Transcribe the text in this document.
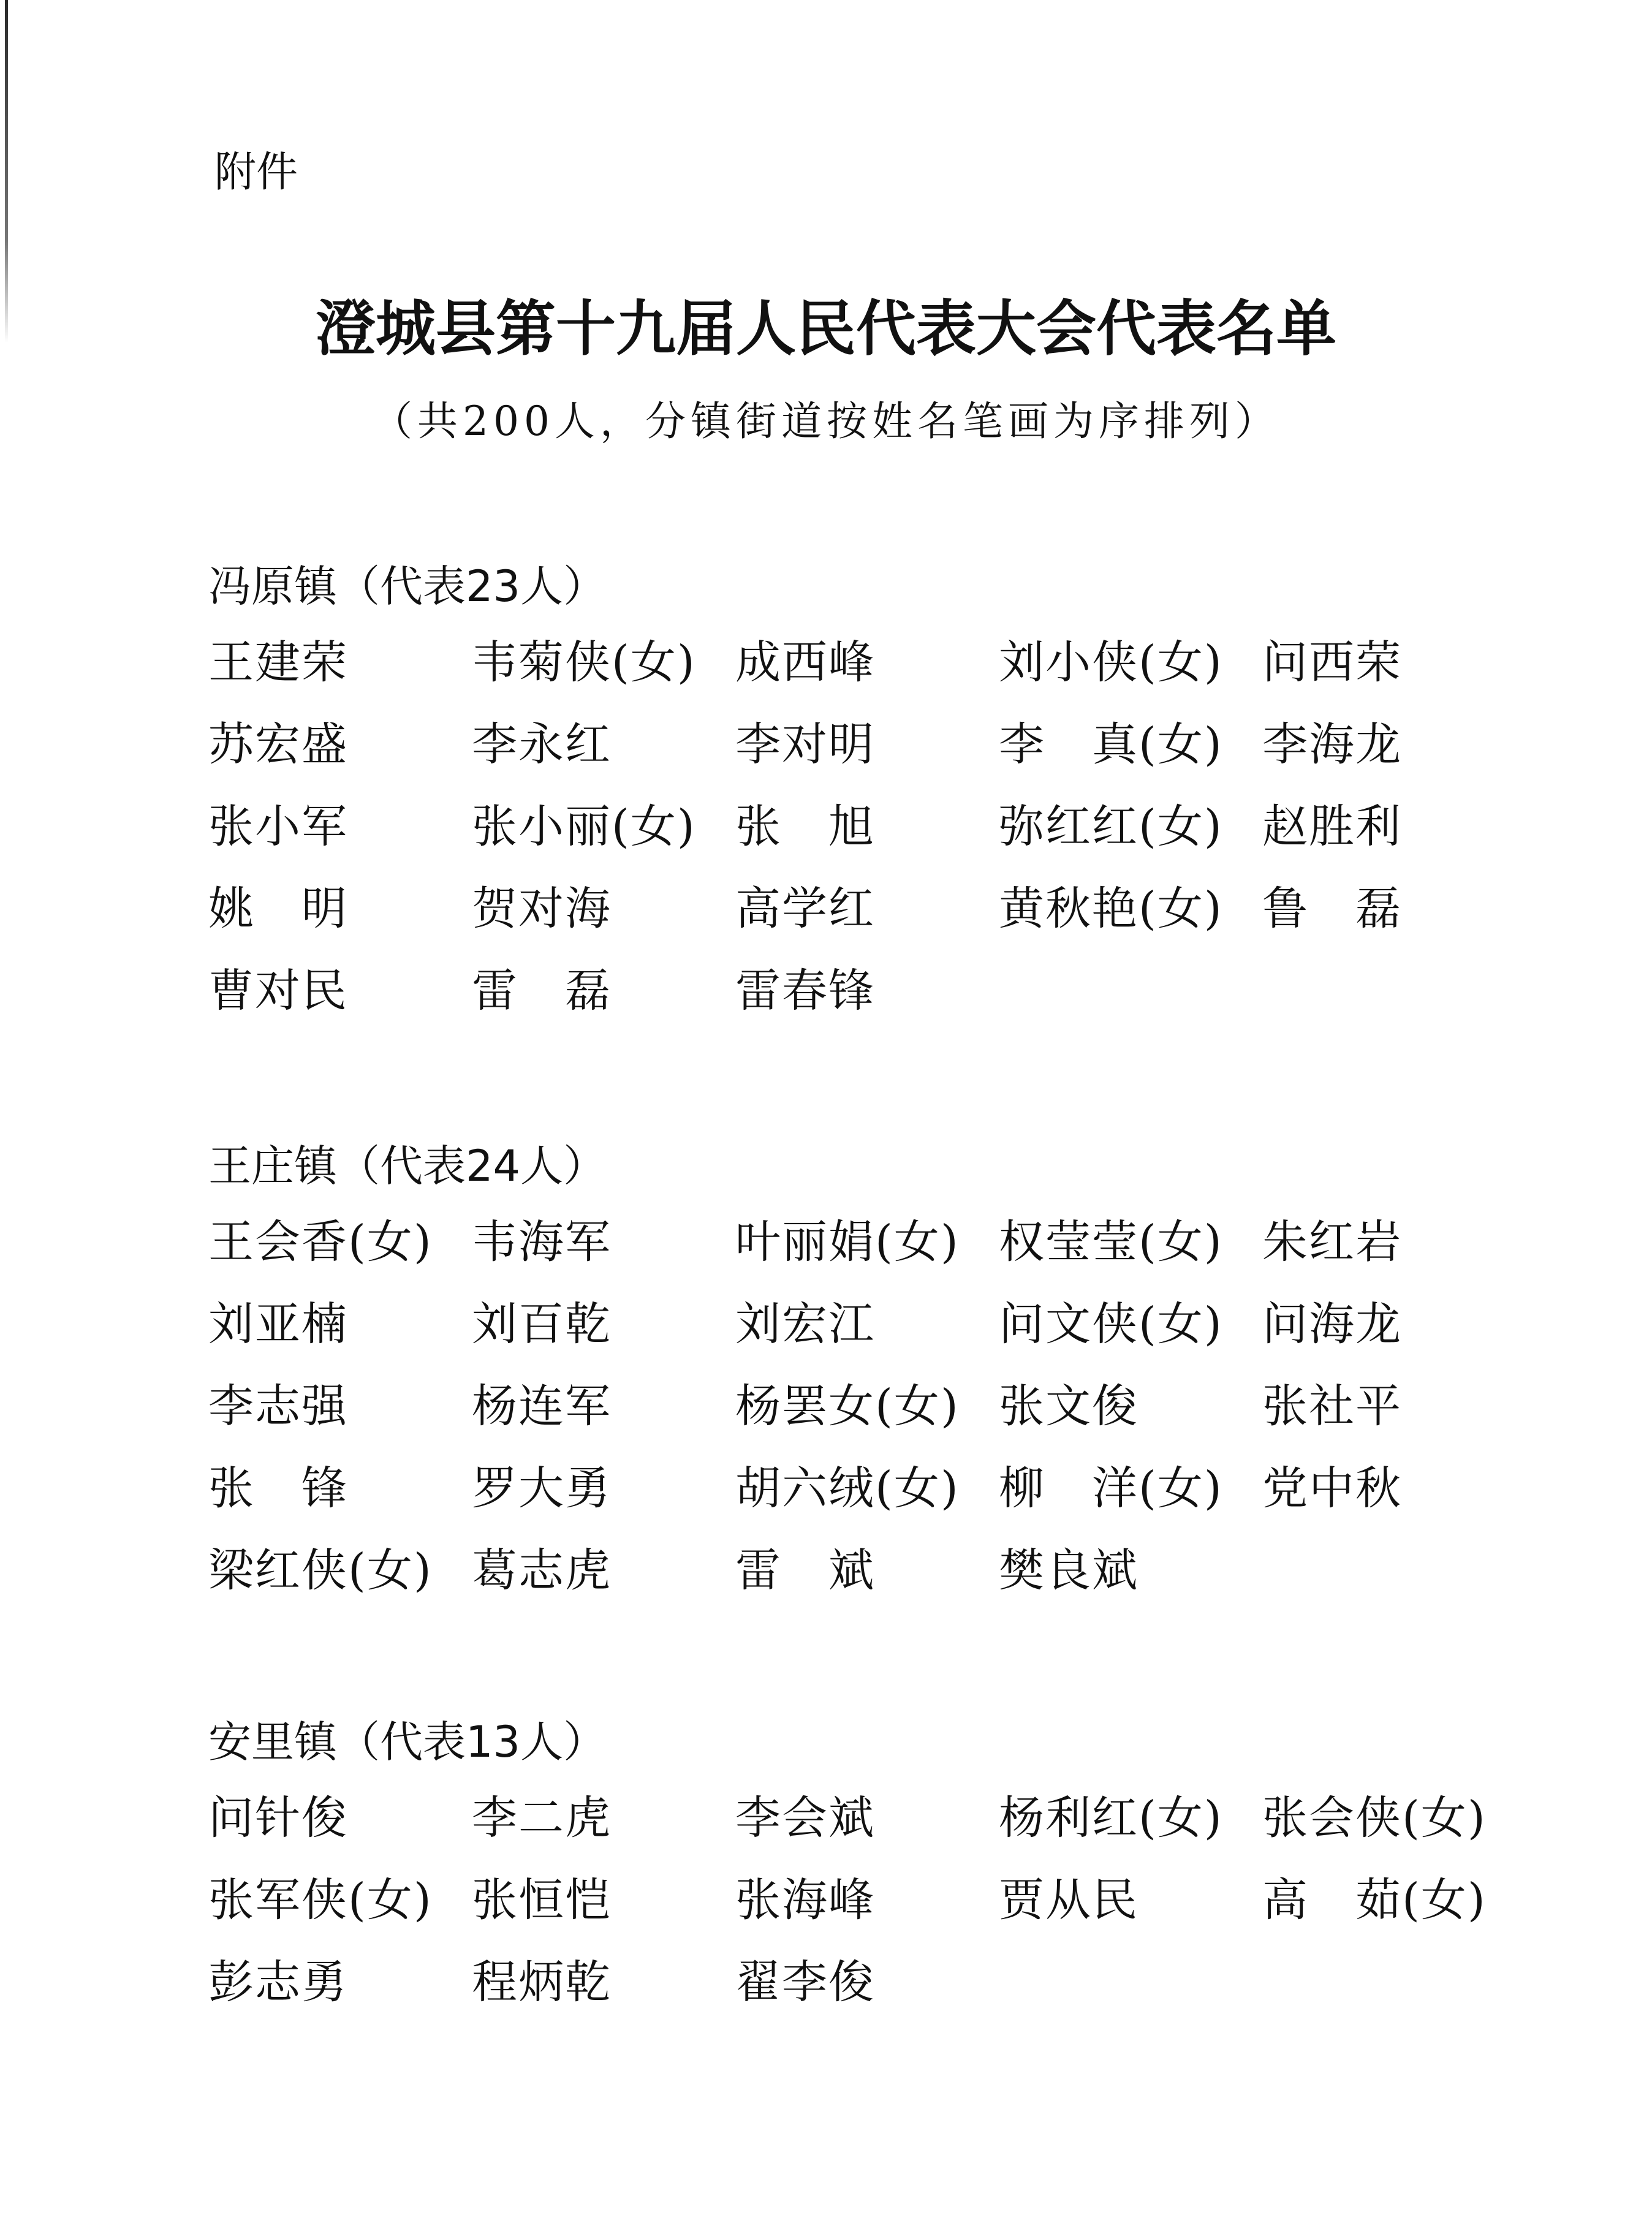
附件
澄城县第十九届人民代表大会代表名单
（共200人，分镇街道按姓名笔画为序排列）
冯原镇（代表23人）
王建荣	韦菊侠(女) 成西峰	刘小侠(女) 问西荣
苏宏盛	李永红	李对明	李　真(女) 李海龙
张小军	张小丽(女) 张　旭	弥红红(女) 赵胜利
姚　明	贺对海	高学红	黄秋艳(女) 鲁　磊
曹对民	雷　磊	雷春锋
王庄镇（代表24人）
王会香(女) 韦海军	叶丽娟(女) 权莹莹(女) 朱红岩
刘亚楠	刘百乾	刘宏江	问文侠(女) 问海龙
李志强	杨连军	杨罢女(女) 张文俊	张社平
张　锋	罗大勇	胡六绒(女) 柳　洋(女) 党中秋
梁红侠(女) 葛志虎	雷　斌	樊良斌
安里镇（代表13人）
问针俊	李二虎	李会斌	杨利红(女) 张会侠(女)
张军侠(女) 张恒恺	张海峰	贾从民	高　茹(女)
彭志勇	程炳乾	翟李俊
